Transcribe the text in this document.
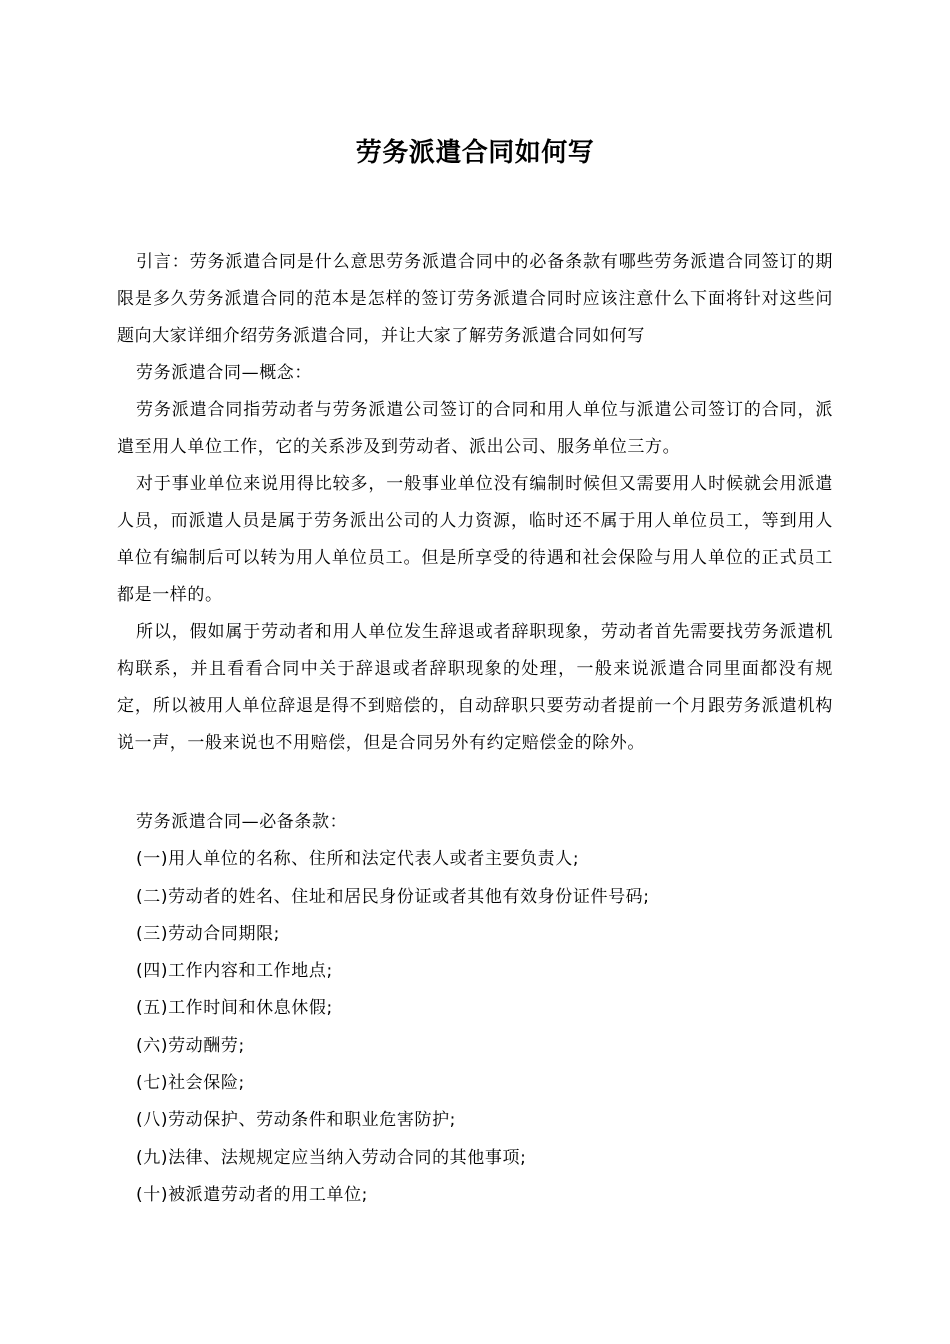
劳务派遣合同如何写

引言：劳务派遣合同是什么意思劳务派遣合同中的必备条款有哪些劳务派遣合同签订的期限是多久劳务派遣合同的范本是怎样的签订劳务派遣合同时应该注意什么下面将针对这些问题向大家详细介绍劳务派遣合同，并让大家了解劳务派遣合同如何写

劳务派遣合同—概念：

劳务派遣合同指劳动者与劳务派遣公司签订的合同和用人单位与派遣公司签订的合同，派遣至用人单位工作，它的关系涉及到劳动者、派出公司、服务单位三方。

对于事业单位来说用得比较多，一般事业单位没有编制时候但又需要用人时候就会用派遣人员，而派遣人员是属于劳务派出公司的人力资源，临时还不属于用人单位员工，等到用人单位有编制后可以转为用人单位员工。但是所享受的待遇和社会保险与用人单位的正式员工都是一样的。

所以，假如属于劳动者和用人单位发生辞退或者辞职现象，劳动者首先需要找劳务派遣机构联系，并且看看合同中关于辞退或者辞职现象的处理，一般来说派遣合同里面都没有规定，所以被用人单位辞退是得不到赔偿的，自动辞职只要劳动者提前一个月跟劳务派遣机构说一声，一般来说也不用赔偿，但是合同另外有约定赔偿金的除外。

劳务派遣合同—必备条款：

(一)用人单位的名称、住所和法定代表人或者主要负责人;

(二)劳动者的姓名、住址和居民身份证或者其他有效身份证件号码;

(三)劳动合同期限;

(四)工作内容和工作地点;

(五)工作时间和休息休假;

(六)劳动酬劳;

(七)社会保险;

(八)劳动保护、劳动条件和职业危害防护;

(九)法律、法规规定应当纳入劳动合同的其他事项;

(十)被派遣劳动者的用工单位;
